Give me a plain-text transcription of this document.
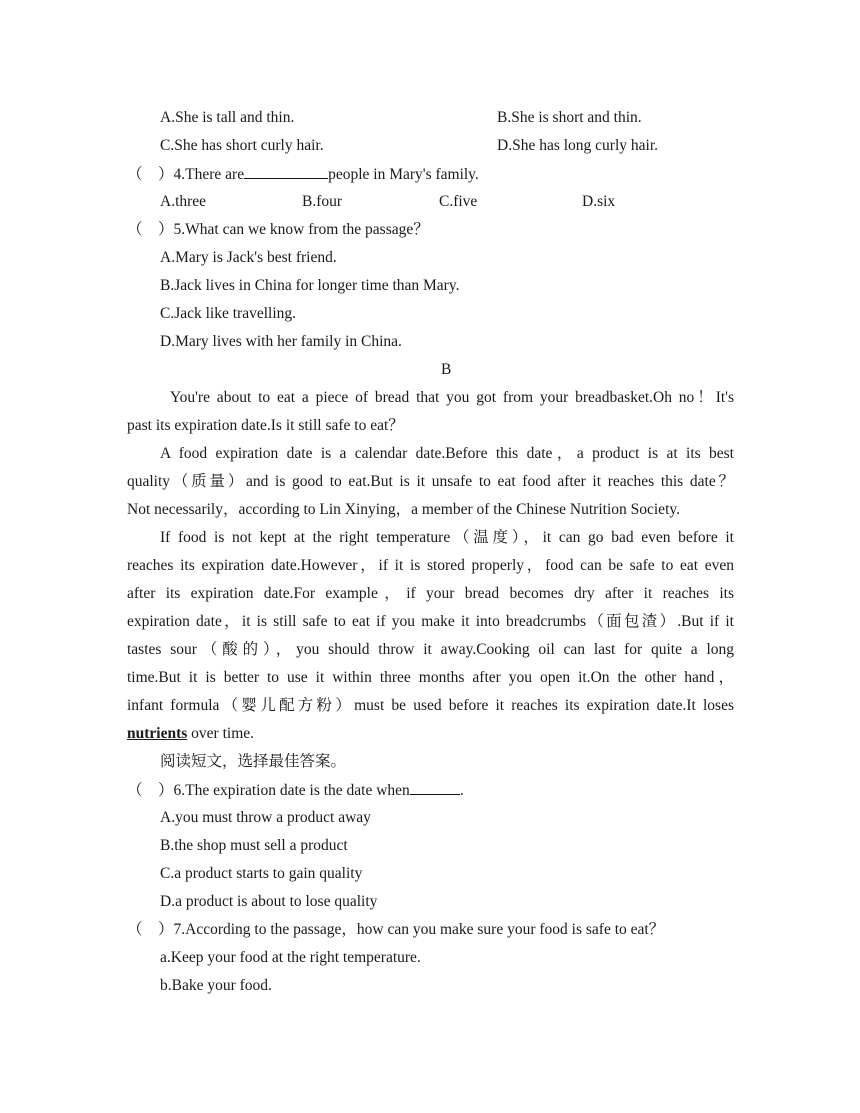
A.She is tall and thin.	B.She is short and thin.
C.She has short curly hair.	D.She has long curly hair.
（　）4.There are	people in Mary's family.
A.three	B.four	C.five	D.six
（　）5.What can we know from the passage？
A.Mary is Jack's best friend.
B.Jack lives in China for longer time than Mary.
C.Jack like travelling.
D.Mary lives with her family in China.
B
You're about to eat a piece of bread that you got from your breadbasket.Oh no！It's
past its expiration date.Is it still safe to eat？
A food expiration date is a calendar date.Before this date，a product is at its best
quality（质量）and is good to eat.But is it unsafe to eat food after it reaches this date？
Not necessarily，according to Lin Xinying，a member of the Chinese Nutrition Society.
If food is not kept at the right temperature（温度），it can go bad even before it
reaches its expiration date.However，if it is stored properly，food can be safe to eat even
after its expiration date.For example，if your bread becomes dry after it reaches its
expiration date，it is still safe to eat if you make it into breadcrumbs（面包渣）.But if it
tastes sour（酸的），you should throw it away.Cooking oil can last for quite a long
time.But it is better to use it within three months after you open it.On the other hand，
infant formula（婴儿配方粉）must be used before it reaches its expiration date.It loses
nutrients over time.
阅读短文，选择最佳答案。
（　）6.The expiration date is the date when	.
A.you must throw a product away
B.the shop must sell a product
C.a product starts to gain quality
D.a product is about to lose quality
（　）7.According to the passage，how can you make sure your food is safe to eat？
a.Keep your food at the right temperature.
b.Bake your food.
